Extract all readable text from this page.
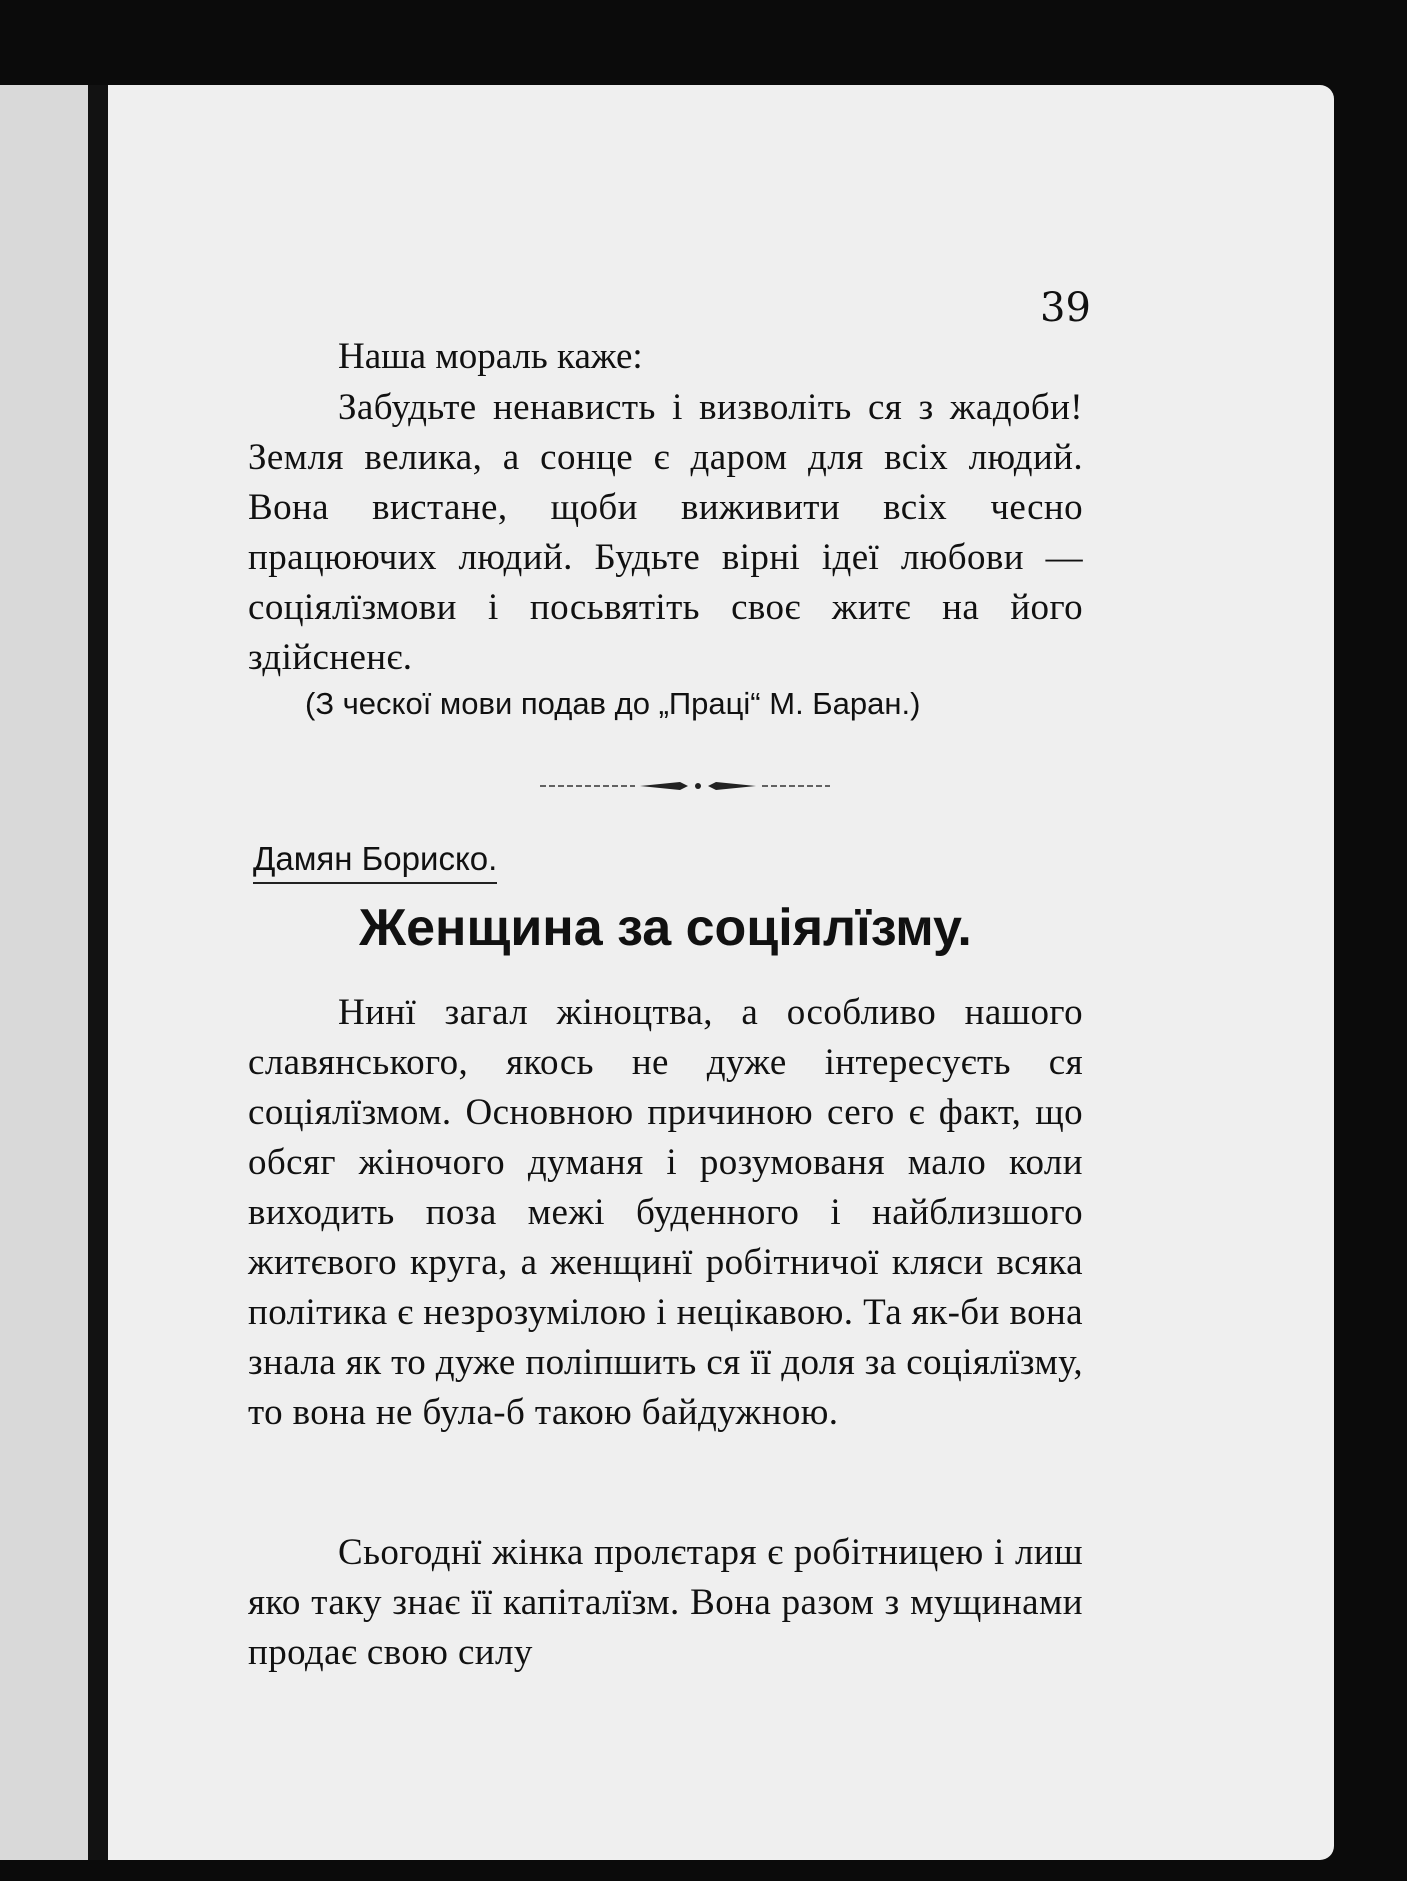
39
Наша мораль каже:
Забудьте ненависть і визволіть ся з жадоби! Земля велика, а сонце є даром для всіх людий. Вона вистане, щоби виживити всіх чесно працюючих людий. Будьте вірні ідеї любови — соціялїзмови і посьвятіть своє житє на його здійсненє.
(З ческої мови подав до „Праці“ М. Баран.)
Дамян Бориско.
Женщина за соціялїзму.
Нинї загал жіноцтва, а особливо нашого славянського, якось не дуже інтересуєть ся соціялїзмом. Основною причиною сего є факт, що обсяг жіночого думаня і розумованя мало коли виходить поза межі буденного і найблизшого житєвого круга, а женщинї робітничої кляси всяка політика є незрозумілою і нецікавою. Та як-би вона знала як то дуже поліпшить ся її доля за соціялїзму, то вона не була-б такою байдужною.
Сьогоднї жінка пролєтаря є робітницею і лиш яко таку знає її капіталїзм. Вона разом з мущинами продає свою силу
